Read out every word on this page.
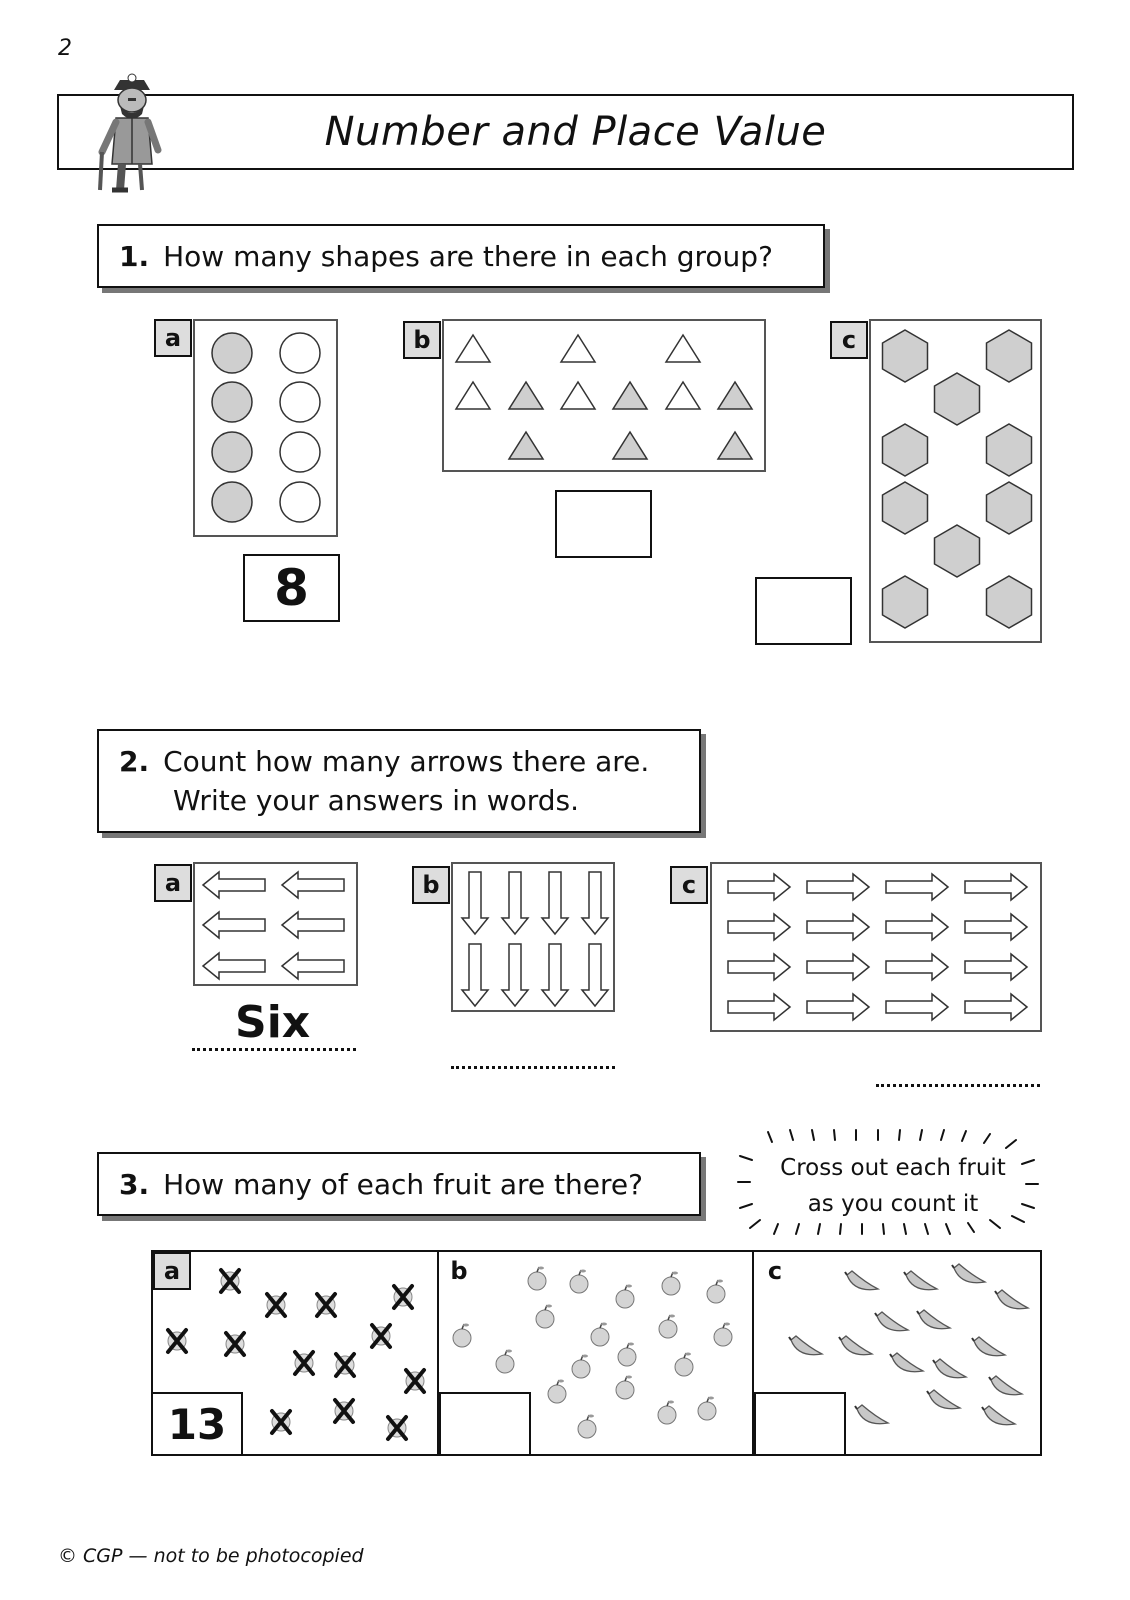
2
Number and Place Value
1. How many shapes are there in each group?
a
8
b	c
2. Count how many arrows there are.
Write your answers in words.
a
Six
b	c
3. How many of each fruit are there?	Cross out each fruit
as you count it
a
13
b	c
© CGP — not to be photocopied
